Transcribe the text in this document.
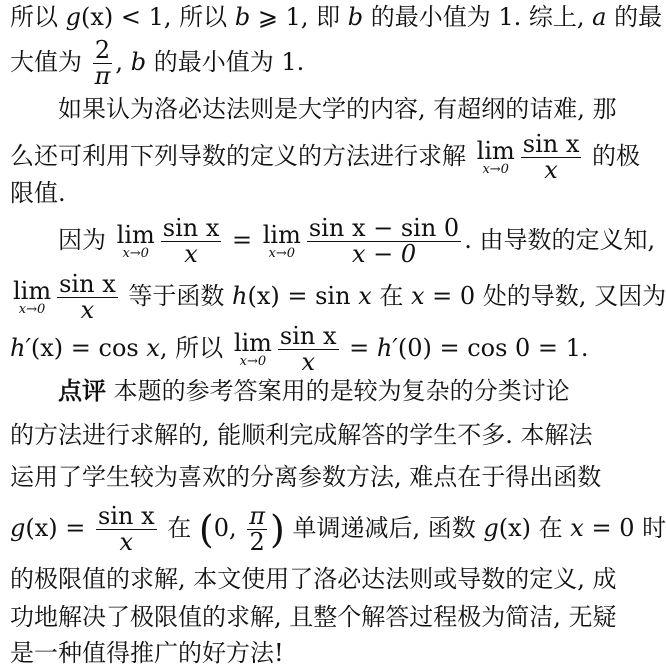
所以 g(x) < 1, 所以 b ⩾ 1, 即 b 的最小值为 1. 综上, a 的最
大值为 $\frac{2}{\pi}$ , b 的最小值为 1.
如果认为洛必达法则是大学的内容, 有超纲的诘难, 那
么还可利用下列导数的定义的方法进行求解 lim
$x\to 0 \frac{\text{sin x}}{x}$ 的极
限值.
因为 lim
$x\to 0 \frac{\text{sin x}}{x} = \lim$
$x\to 0 \frac{\text{sin x − sin 0}}{x - 0}$ . 由导数的定义知,
lim
$x\to 0 \frac{\text{sin x}}{x}$ 等于函数 h(x) = sin x 在 x = 0 处的导数, 又因为
h′(x) = cos x, 所以 lim
$x\to 0 \frac{\text{sin x}}{x} = h'(0) = \cos 0 = 1$.
点评 本题的参考答案用的是较为复杂的分类讨论
的方法进行求解的, 能顺利完成解答的学生不多. 本解法
运用了学生较为喜欢的分离参数方法, 难点在于得出函数
$g(x) = \frac{\text{sin x}}{x}$ 在 (0, $\frac{\pi}{2}$ ) 单调递减后, 函数 g(x) 在 x = 0 时
的极限值的求解, 本文使用了洛必达法则或导数的定义, 成
功地解决了极限值的求解, 且整个解答过程极为简洁, 无疑
是一种值得推广的好方法!
